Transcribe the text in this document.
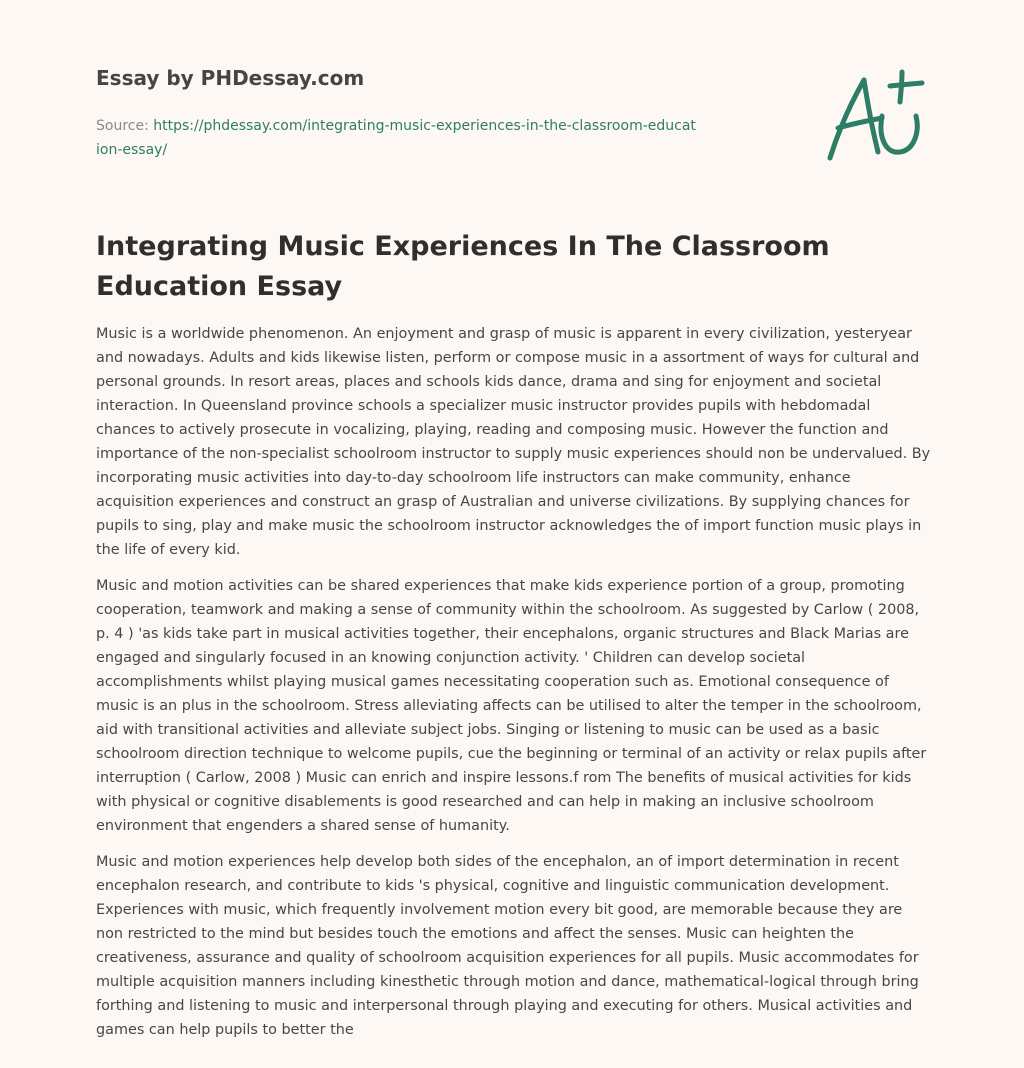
Essay by PHDessay.com
Source: https://phdessay.com/integrating-music-experiences-in-the-classroom-education-essay/
Integrating Music Experiences In The Classroom Education Essay

Music is a worldwide phenomenon. An enjoyment and grasp of music is apparent in every civilization, yesteryear and nowadays. Adults and kids likewise listen, perform or compose music in a assortment of ways for cultural and personal grounds. In resort areas, places and schools kids dance, drama and sing for enjoyment and societal interaction. In Queensland province schools a specializer music instructor provides pupils with hebdomadal chances to actively prosecute in vocalizing, playing, reading and composing music. However the function and importance of the non-specialist schoolroom instructor to supply music experiences should non be undervalued. By incorporating music activities into day-to-day schoolroom life instructors can make community, enhance acquisition experiences and construct an grasp of Australian and universe civilizations. By supplying chances for pupils to sing, play and make music the schoolroom instructor acknowledges the of import function music plays in the life of every kid.

Music and motion activities can be shared experiences that make kids experience portion of a group, promoting cooperation, teamwork and making a sense of community within the schoolroom. As suggested by Carlow ( 2008, p. 4 ) 'as kids take part in musical activities together, their encephalons, organic structures and Black Marias are engaged and singularly focused in an knowing conjunction activity. ' Children can develop societal accomplishments whilst playing musical games necessitating cooperation such as. Emotional consequence of music is an plus in the schoolroom. Stress alleviating affects can be utilised to alter the temper in the schoolroom, aid with transitional activities and alleviate subject jobs. Singing or listening to music can be used as a basic schoolroom direction technique to welcome pupils, cue the beginning or terminal of an activity or relax pupils after interruption ( Carlow, 2008 ) Music can enrich and inspire lessons.f rom The benefits of musical activities for kids with physical or cognitive disablements is good researched and can help in making an inclusive schoolroom environment that engenders a shared sense of humanity.

Music and motion experiences help develop both sides of the encephalon, an of import determination in recent encephalon research, and contribute to kids 's physical, cognitive and linguistic communication development. Experiences with music, which frequently involvement motion every bit good, are memorable because they are non restricted to the mind but besides touch the emotions and affect the senses. Music can heighten the creativeness, assurance and quality of schoolroom acquisition experiences for all pupils. Music accommodates for multiple acquisition manners including kinesthetic through motion and dance, mathematical-logical through bring forthing and listening to music and interpersonal through playing and executing for others. Musical activities and games can help pupils to better the
